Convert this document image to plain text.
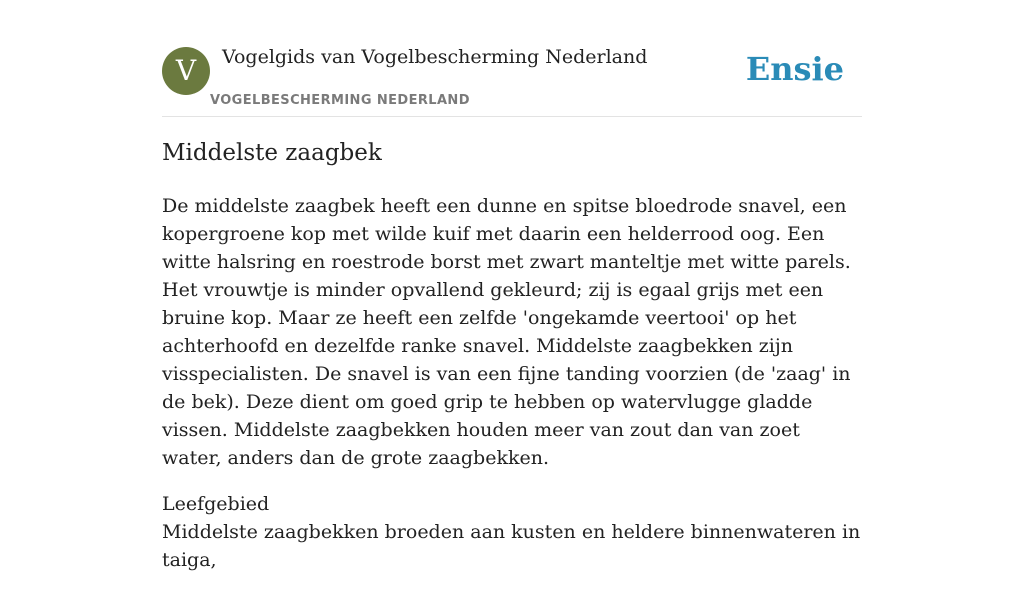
V	Vogelgids van Vogelbescherming Nederland
VOGELBESCHERMING NEDERLAND
Ensie
Middelste zaagbek

De middelste zaagbek heeft een dunne en spitse bloedrode snavel, een kopergroene kop met wilde kuif met daarin een helderrood oog. Een witte halsring en roestrode borst met zwart manteltje met witte parels. Het vrouwtje is minder opvallend gekleurd; zij is egaal grijs met een bruine kop. Maar ze heeft een zelfde 'ongekamde veertooi' op het achterhoofd en dezelfde ranke snavel. Middelste zaagbekken zijn visspecialisten. De snavel is van een fijne tanding voorzien (de 'zaag' in de bek). Deze dient om goed grip te hebben op watervlugge gladde vissen. Middelste zaagbekken houden meer van zout dan van zoet water, anders dan de grote zaagbekken.

Leefgebied
Middelste zaagbekken broeden aan kusten en heldere binnenwateren in taiga,
